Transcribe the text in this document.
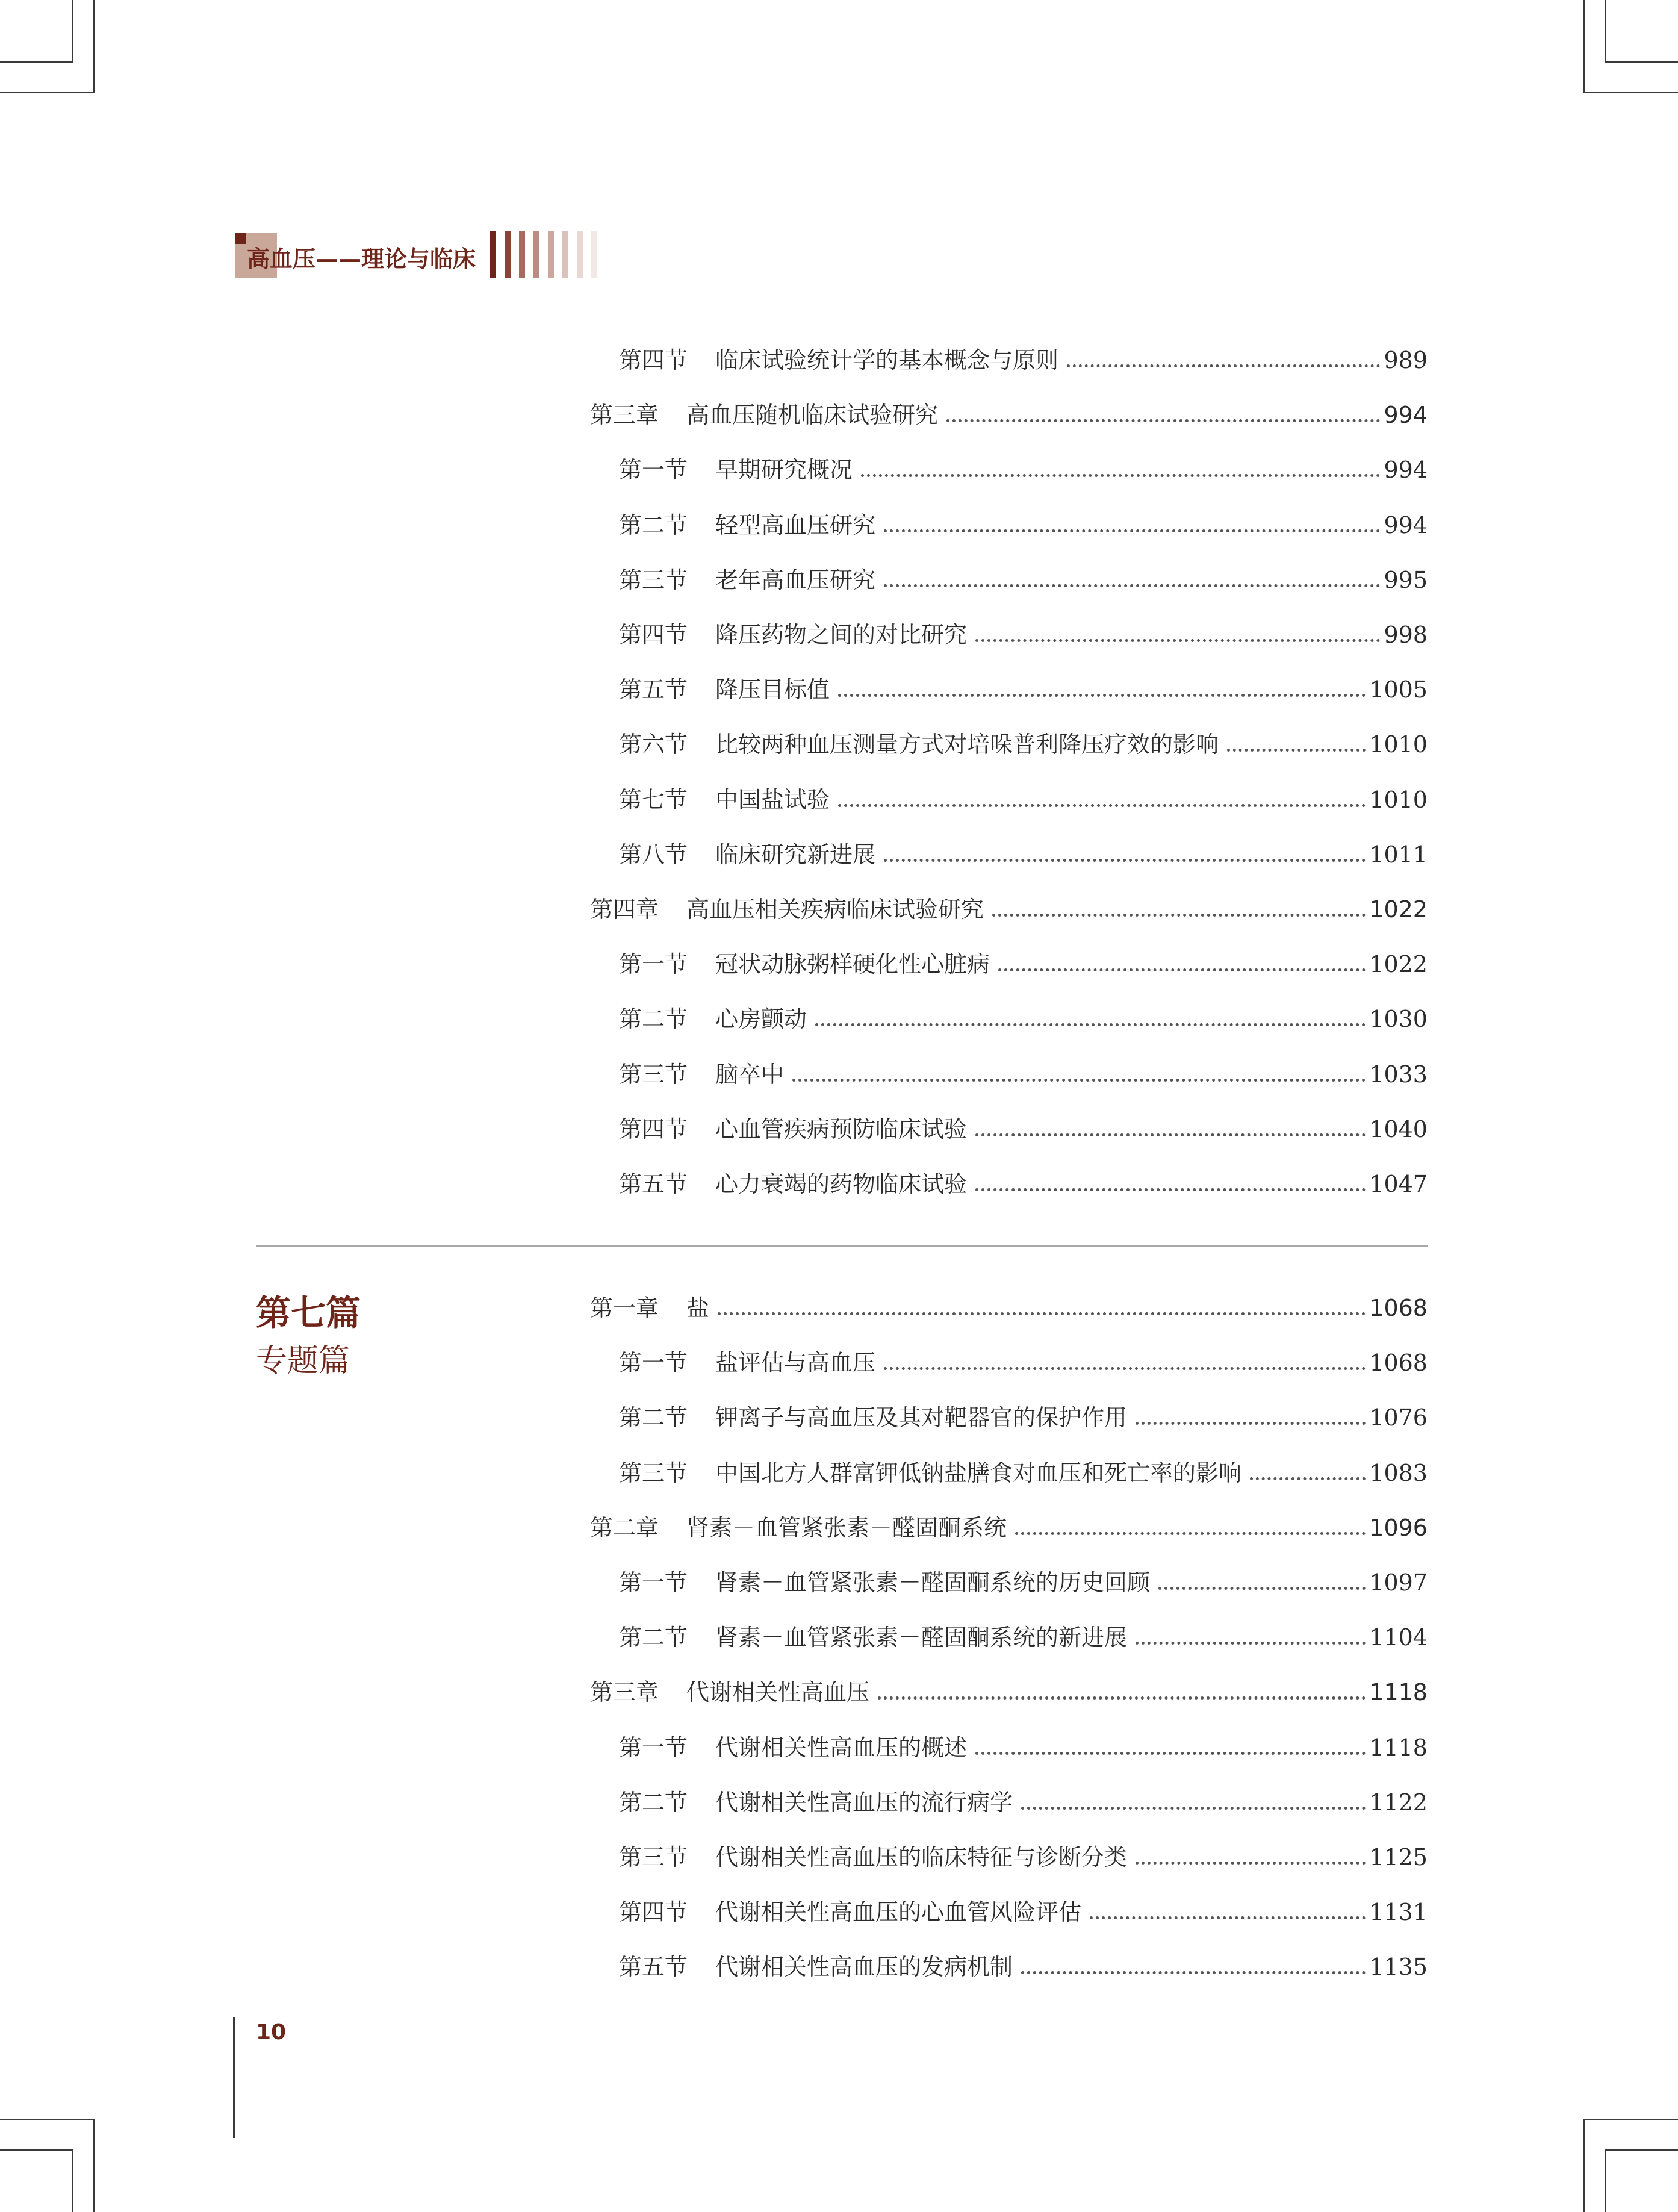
高血压——理论与临床
第四节 临床试验统计学的基本概念与原则	989
第三章 高血压随机临床试验研究	994
第一节 早期研究概况	994
第二节 轻型高血压研究	994
第三节 老年高血压研究	995
第四节 降压药物之间的对比研究	998
第五节 降压目标值	1005
第六节 比较两种血压测量方式对培哚普利降压疗效的影响	1010
第七节 中国盐试验	1010
第八节 临床研究新进展	1011
第四章 高血压相关疾病临床试验研究	1022
第一节 冠状动脉粥样硬化性心脏病	1022
第二节 心房颤动	1030
第三节 脑卒中	1033
第四节 心血管疾病预防临床试验	1040
第五节 心力衰竭的药物临床试验	1047
第七篇
专题篇
第一章 盐	1068
第一节 盐评估与高血压	1068
第二节 钾离子与高血压及其对靶器官的保护作用	1076
第三节 中国北方人群富钾低钠盐膳食对血压和死亡率的影响	1083
第二章 肾素－血管紧张素－醛固酮系统	1096
第一节 肾素－血管紧张素－醛固酮系统的历史回顾	1097
第二节 肾素－血管紧张素－醛固酮系统的新进展	1104
第三章 代谢相关性高血压	1118
第一节 代谢相关性高血压的概述	1118
第二节 代谢相关性高血压的流行病学	1122
第三节 代谢相关性高血压的临床特征与诊断分类	1125
第四节 代谢相关性高血压的心血管风险评估	1131
第五节 代谢相关性高血压的发病机制	1135
10
